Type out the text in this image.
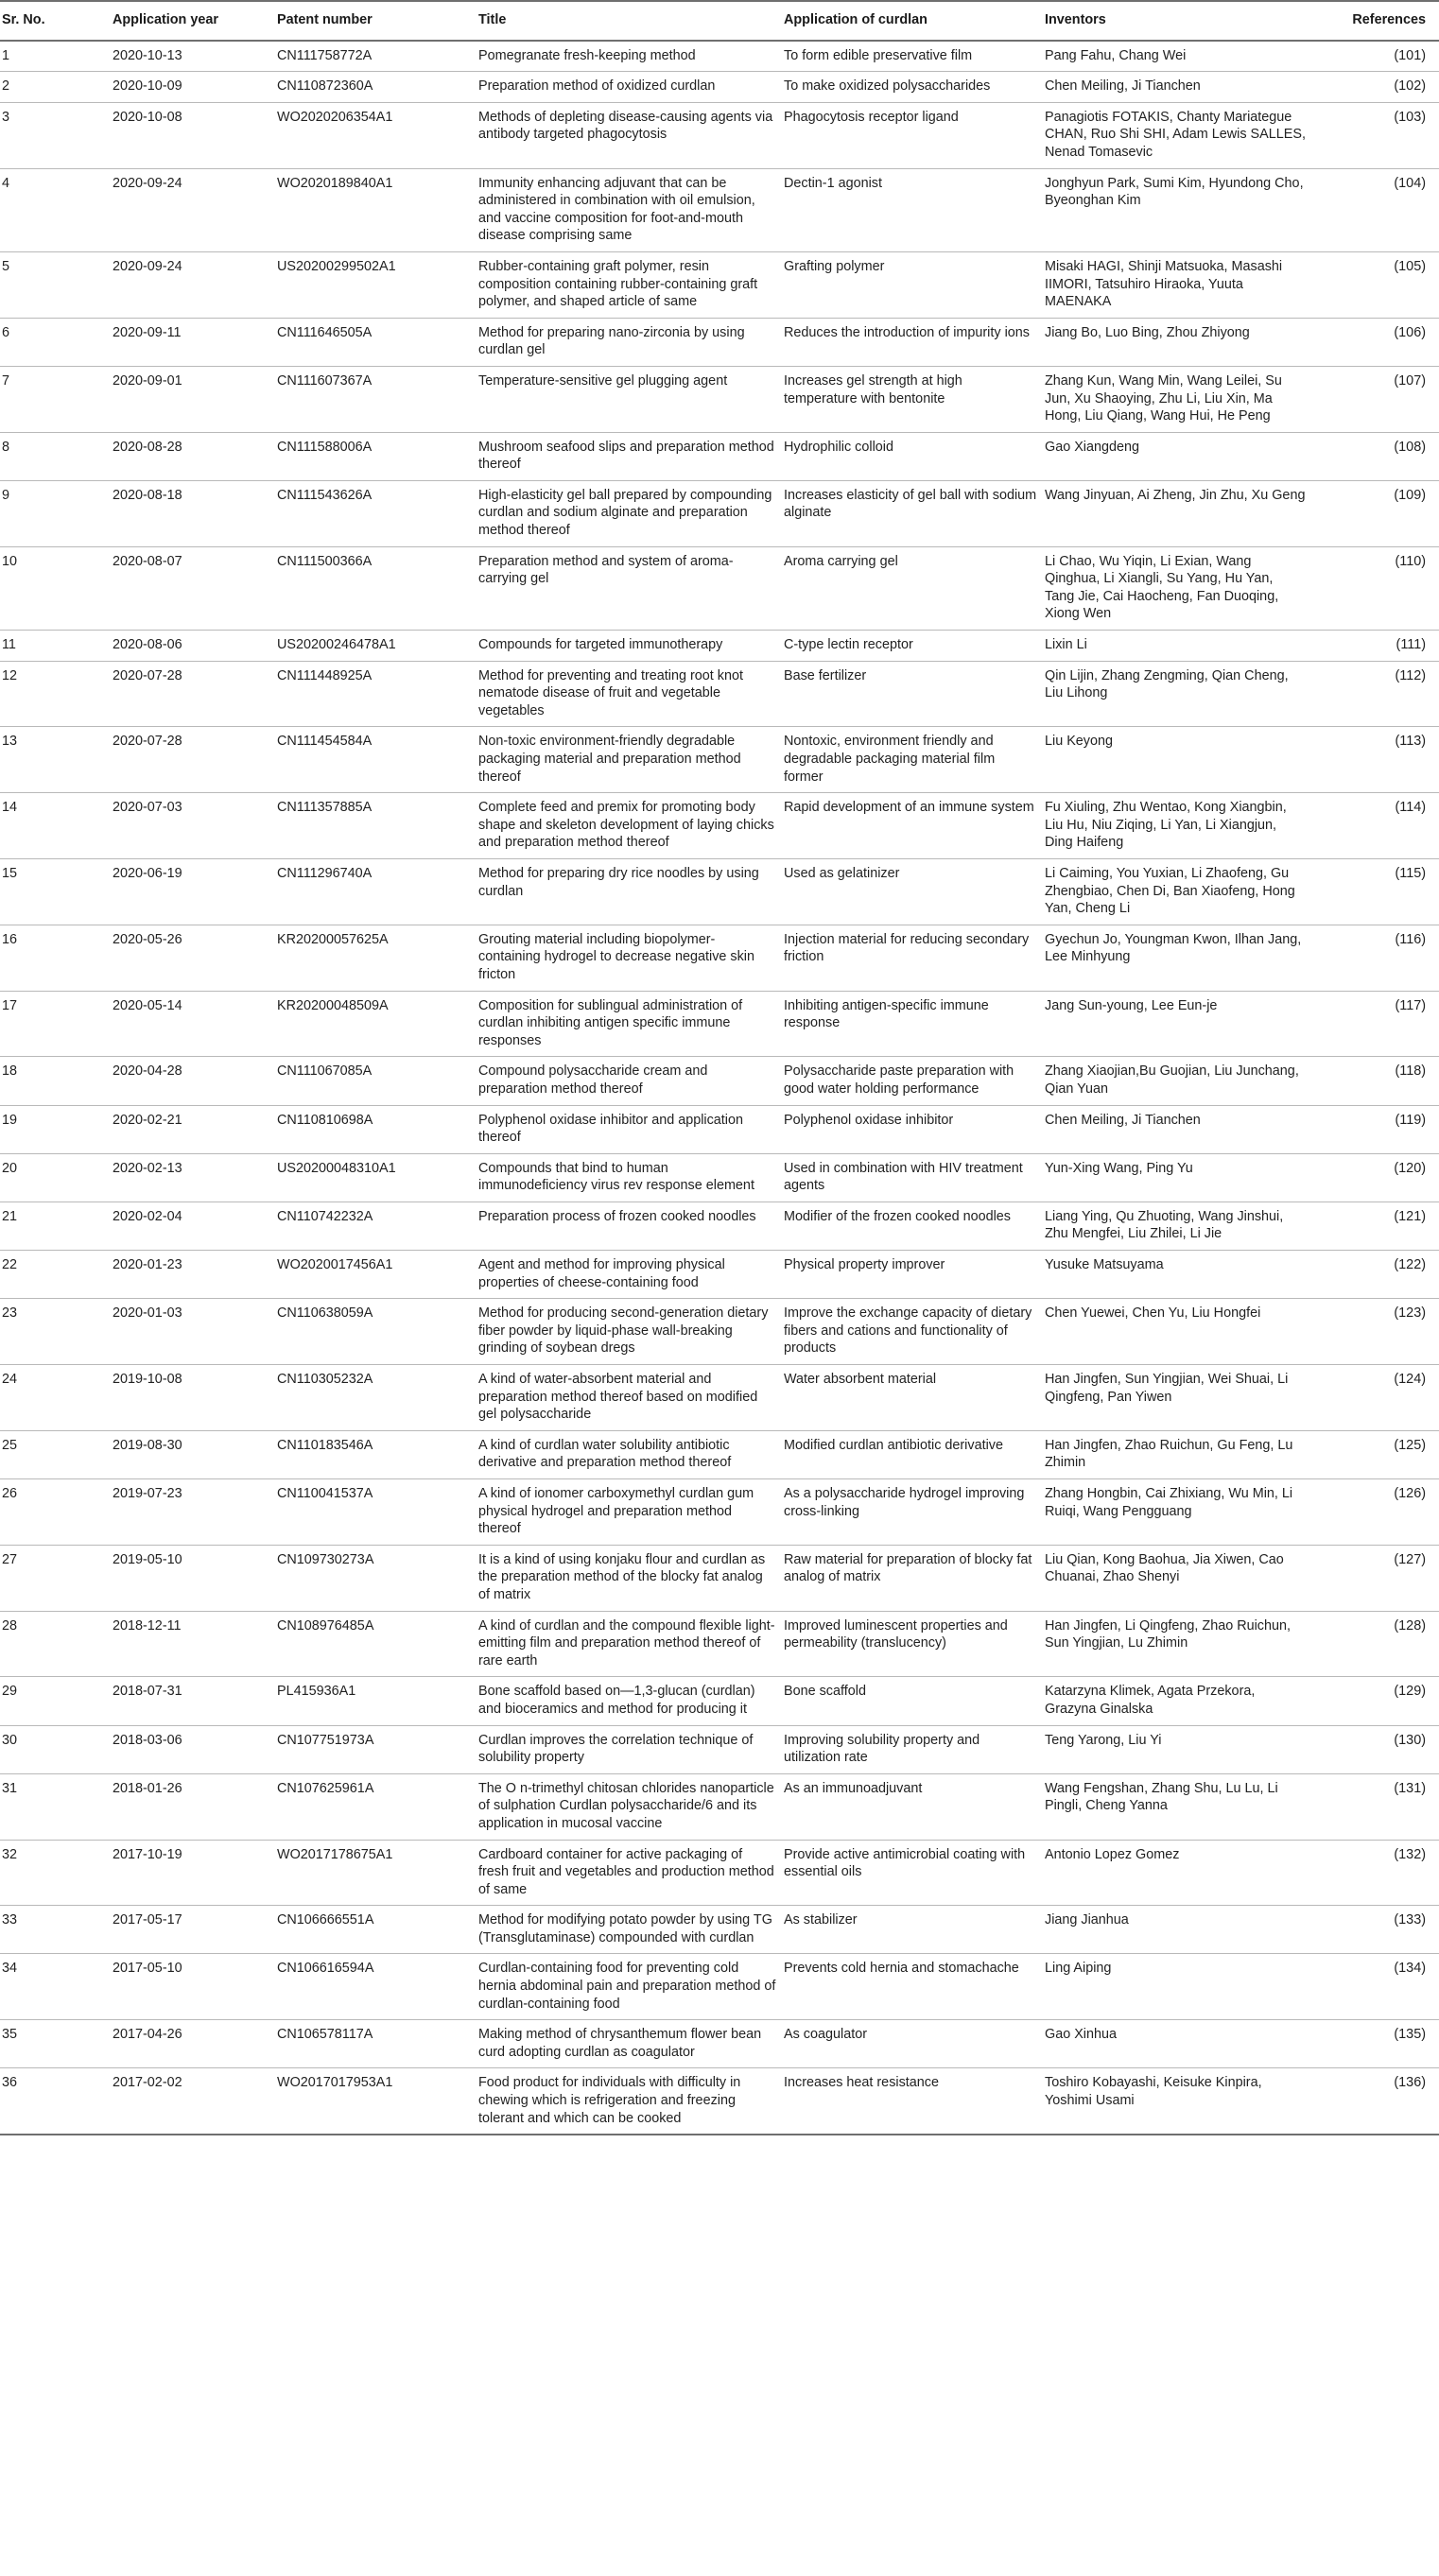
Sr. No.	Application year	Patent number	Title	Application of curdlan	Inventors	References
1	2020-10-13	CN111758772A	Pomegranate fresh-keeping method	To form edible preservative film	Pang Fahu, Chang Wei	(101)
2	2020-10-09	CN110872360A	Preparation method of oxidized curdlan	To make oxidized polysaccharides	Chen Meiling, Ji Tianchen	(102)
3	2020-10-08	WO2020206354A1	Methods of depleting disease-causing agents via antibody targeted phagocytosis	Phagocytosis receptor ligand	Panagiotis FOTAKIS, Chanty Mariategue CHAN, Ruo Shi SHI, Adam Lewis SALLES, Nenad Tomasevic	(103)
4	2020-09-24	WO2020189840A1	Immunity enhancing adjuvant that can be administered in combination with oil emulsion, and vaccine composition for foot-and-mouth disease comprising same	Dectin-1 agonist	Jonghyun Park, Sumi Kim, Hyundong Cho, Byeonghan Kim	(104)
5	2020-09-24	US20200299502A1	Rubber-containing graft polymer, resin composition containing rubber-containing graft polymer, and shaped article of same	Grafting polymer	Misaki HAGI, Shinji Matsuoka, Masashi IIMORI, Tatsuhiro Hiraoka, Yuuta MAENAKA	(105)
6	2020-09-11	CN111646505A	Method for preparing nano-zirconia by using curdlan gel	Reduces the introduction of impurity ions	Jiang Bo, Luo Bing, Zhou Zhiyong	(106)
7	2020-09-01	CN111607367A	Temperature-sensitive gel plugging agent	Increases gel strength at high temperature with bentonite	Zhang Kun, Wang Min, Wang Leilei, Su Jun, Xu Shaoying, Zhu Li, Liu Xin, Ma Hong, Liu Qiang, Wang Hui, He Peng	(107)
8	2020-08-28	CN111588006A	Mushroom seafood slips and preparation method thereof	Hydrophilic colloid	Gao Xiangdeng	(108)
9	2020-08-18	CN111543626A	High-elasticity gel ball prepared by compounding curdlan and sodium alginate and preparation method thereof	Increases elasticity of gel ball with sodium alginate	Wang Jinyuan, Ai Zheng, Jin Zhu, Xu Geng	(109)
10	2020-08-07	CN111500366A	Preparation method and system of aroma-carrying gel	Aroma carrying gel	Li Chao, Wu Yiqin, Li Exian, Wang Qinghua, Li Xiangli, Su Yang, Hu Yan, Tang Jie, Cai Haocheng, Fan Duoqing, Xiong Wen	(110)
11	2020-08-06	US20200246478A1	Compounds for targeted immunotherapy	C-type lectin receptor	Lixin Li	(111)
12	2020-07-28	CN111448925A	Method for preventing and treating root knot nematode disease of fruit and vegetable vegetables	Base fertilizer	Qin Lijin, Zhang Zengming, Qian Cheng, Liu Lihong	(112)
13	2020-07-28	CN111454584A	Non-toxic environment-friendly degradable packaging material and preparation method thereof	Nontoxic, environment friendly and degradable packaging material film former	Liu Keyong	(113)
14	2020-07-03	CN111357885A	Complete feed and premix for promoting body shape and skeleton development of laying chicks and preparation method thereof	Rapid development of an immune system	Fu Xiuling, Zhu Wentao, Kong Xiangbin, Liu Hu, Niu Ziqing, Li Yan, Li Xiangjun, Ding Haifeng	(114)
15	2020-06-19	CN111296740A	Method for preparing dry rice noodles by using curdlan	Used as gelatinizer	Li Caiming, You Yuxian, Li Zhaofeng, Gu Zhengbiao, Chen Di, Ban Xiaofeng, Hong Yan, Cheng Li	(115)
16	2020-05-26	KR20200057625A	Grouting material including biopolymer-containing hydrogel to decrease negative skin fricton	Injection material for reducing secondary friction	Gyechun Jo, Youngman Kwon, Ilhan Jang, Lee Minhyung	(116)
17	2020-05-14	KR20200048509A	Composition for sublingual administration of curdlan inhibiting antigen specific immune responses	Inhibiting antigen-specific immune response	Jang Sun-young, Lee Eun-je	(117)
18	2020-04-28	CN111067085A	Compound polysaccharide cream and preparation method thereof	Polysaccharide paste preparation with good water holding performance	Zhang Xiaojian,Bu Guojian, Liu Junchang, Qian Yuan	(118)
19	2020-02-21	CN110810698A	Polyphenol oxidase inhibitor and application thereof	Polyphenol oxidase inhibitor	Chen Meiling, Ji Tianchen	(119)
20	2020-02-13	US20200048310A1	Compounds that bind to human immunodeficiency virus rev response element	Used in combination with HIV treatment agents	Yun-Xing Wang, Ping Yu	(120)
21	2020-02-04	CN110742232A	Preparation process of frozen cooked noodles	Modifier of the frozen cooked noodles	Liang Ying, Qu Zhuoting, Wang Jinshui, Zhu Mengfei, Liu Zhilei, Li Jie	(121)
22	2020-01-23	WO2020017456A1	Agent and method for improving physical properties of cheese-containing food	Physical property improver	Yusuke Matsuyama	(122)
23	2020-01-03	CN110638059A	Method for producing second-generation dietary fiber powder by liquid-phase wall-breaking grinding of soybean dregs	Improve the exchange capacity of dietary fibers and cations and functionality of products	Chen Yuewei, Chen Yu, Liu Hongfei	(123)
24	2019-10-08	CN110305232A	A kind of water-absorbent material and preparation method thereof based on modified gel polysaccharide	Water absorbent material	Han Jingfen, Sun Yingjian, Wei Shuai, Li Qingfeng, Pan Yiwen	(124)
25	2019-08-30	CN110183546A	A kind of curdlan water solubility antibiotic derivative and preparation method thereof	Modified curdlan antibiotic derivative	Han Jingfen, Zhao Ruichun, Gu Feng, Lu Zhimin	(125)
26	2019-07-23	CN110041537A	A kind of ionomer carboxymethyl curdlan gum physical hydrogel and preparation method thereof	As a polysaccharide hydrogel improving cross-linking	Zhang Hongbin, Cai Zhixiang, Wu Min, Li Ruiqi, Wang Pengguang	(126)
27	2019-05-10	CN109730273A	It is a kind of using konjaku flour and curdlan as the preparation method of the blocky fat analog of matrix	Raw material for preparation of blocky fat analog of matrix	Liu Qian, Kong Baohua, Jia Xiwen, Cao Chuanai, Zhao Shenyi	(127)
28	2018-12-11	CN108976485A	A kind of curdlan and the compound flexible light-emitting film and preparation method thereof of rare earth	Improved luminescent properties and permeability (translucency)	Han Jingfen, Li Qingfeng, Zhao Ruichun, Sun Yingjian, Lu Zhimin	(128)
29	2018-07-31	PL415936A1	Bone scaffold based on—1,3-glucan (curdlan) and bioceramics and method for producing it	Bone scaffold	Katarzyna Klimek, Agata Przekora, Grazyna Ginalska	(129)
30	2018-03-06	CN107751973A	Curdlan improves the correlation technique of solubility property	Improving solubility property and utilization rate	Teng Yarong, Liu Yi	(130)
31	2018-01-26	CN107625961A	The O n-trimethyl chitosan chlorides nanoparticle of sulphation Curdlan polysaccharide/6 and its application in mucosal vaccine	As an immunoadjuvant	Wang Fengshan, Zhang Shu, Lu Lu, Li Pingli, Cheng Yanna	(131)
32	2017-10-19	WO2017178675A1	Cardboard container for active packaging of fresh fruit and vegetables and production method of same	Provide active antimicrobial coating with essential oils	Antonio Lopez Gomez	(132)
33	2017-05-17	CN106666551A	Method for modifying potato powder by using TG (Transglutaminase) compounded with curdlan	As stabilizer	Jiang Jianhua	(133)
34	2017-05-10	CN106616594A	Curdlan-containing food for preventing cold hernia abdominal pain and preparation method of curdlan-containing food	Prevents cold hernia and stomachache	Ling Aiping	(134)
35	2017-04-26	CN106578117A	Making method of chrysanthemum flower bean curd adopting curdlan as coagulator	As coagulator	Gao Xinhua	(135)
36	2017-02-02	WO2017017953A1	Food product for individuals with difficulty in chewing which is refrigeration and freezing tolerant and which can be cooked	Increases heat resistance	Toshiro Kobayashi, Keisuke Kinpira, Yoshimi Usami	(136)
